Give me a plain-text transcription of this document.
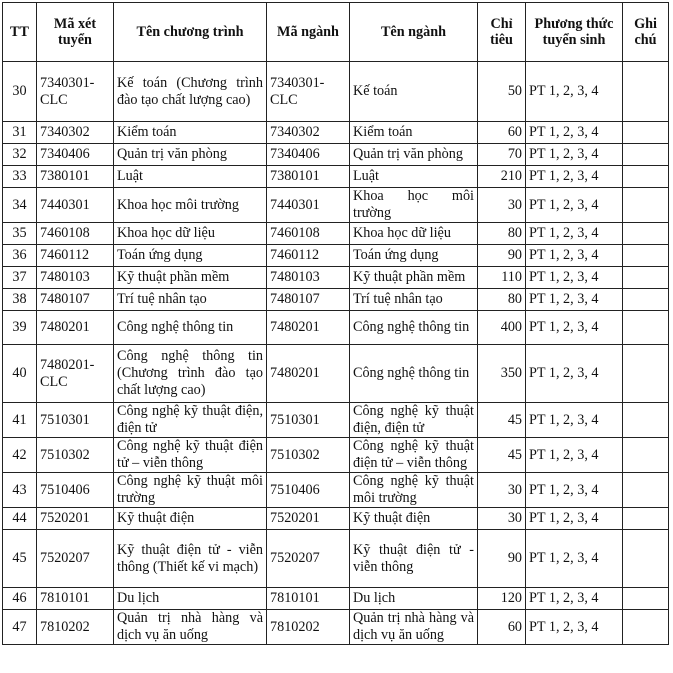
TT	Mã xét tuyển	Tên chương trình	Mã ngành	Tên ngành	Chỉ tiêu	Phương thức tuyển sinh	Ghi chú
30	7340301-CLC	Kế toán (Chương trình đào tạo chất lượng cao)	7340301-CLC	Kế toán	50	PT 1, 2, 3, 4	
31	7340302	Kiểm toán	7340302	Kiểm toán	60	PT 1, 2, 3, 4	
32	7340406	Quản trị văn phòng	7340406	Quản trị văn phòng	70	PT 1, 2, 3, 4	
33	7380101	Luật	7380101	Luật	210	PT 1, 2, 3, 4	
34	7440301	Khoa học môi trường	7440301	Khoa học môi trường	30	PT 1, 2, 3, 4	
35	7460108	Khoa học dữ liệu	7460108	Khoa học dữ liệu	80	PT 1, 2, 3, 4	
36	7460112	Toán ứng dụng	7460112	Toán ứng dụng	90	PT 1, 2, 3, 4	
37	7480103	Kỹ thuật phần mềm	7480103	Kỹ thuật phần mềm	110	PT 1, 2, 3, 4	
38	7480107	Trí tuệ nhân tạo	7480107	Trí tuệ nhân tạo	80	PT 1, 2, 3, 4	
39	7480201	Công nghệ thông tin	7480201	Công nghệ thông tin	400	PT 1, 2, 3, 4	
40	7480201-CLC	Công nghệ thông tin (Chương trình đào tạo chất lượng cao)	7480201	Công nghệ thông tin	350	PT 1, 2, 3, 4	
41	7510301	Công nghệ kỹ thuật điện, điện tử	7510301	Công nghệ kỹ thuật điện, điện tử	45	PT 1, 2, 3, 4	
42	7510302	Công nghệ kỹ thuật điện tử – viễn thông	7510302	Công nghệ kỹ thuật điện tử – viễn thông	45	PT 1, 2, 3, 4	
43	7510406	Công nghệ kỹ thuật môi trường	7510406	Công nghệ kỹ thuật môi trường	30	PT 1, 2, 3, 4	
44	7520201	Kỹ thuật điện	7520201	Kỹ thuật điện	30	PT 1, 2, 3, 4	
45	7520207	Kỹ thuật điện tử - viễn thông (Thiết kế vi mạch)	7520207	Kỹ thuật điện tử - viễn thông	90	PT 1, 2, 3, 4	
46	7810101	Du lịch	7810101	Du lịch	120	PT 1, 2, 3, 4	
47	7810202	Quản trị nhà hàng và dịch vụ ăn uống	7810202	Quản trị nhà hàng và dịch vụ ăn uống	60	PT 1, 2, 3, 4	
